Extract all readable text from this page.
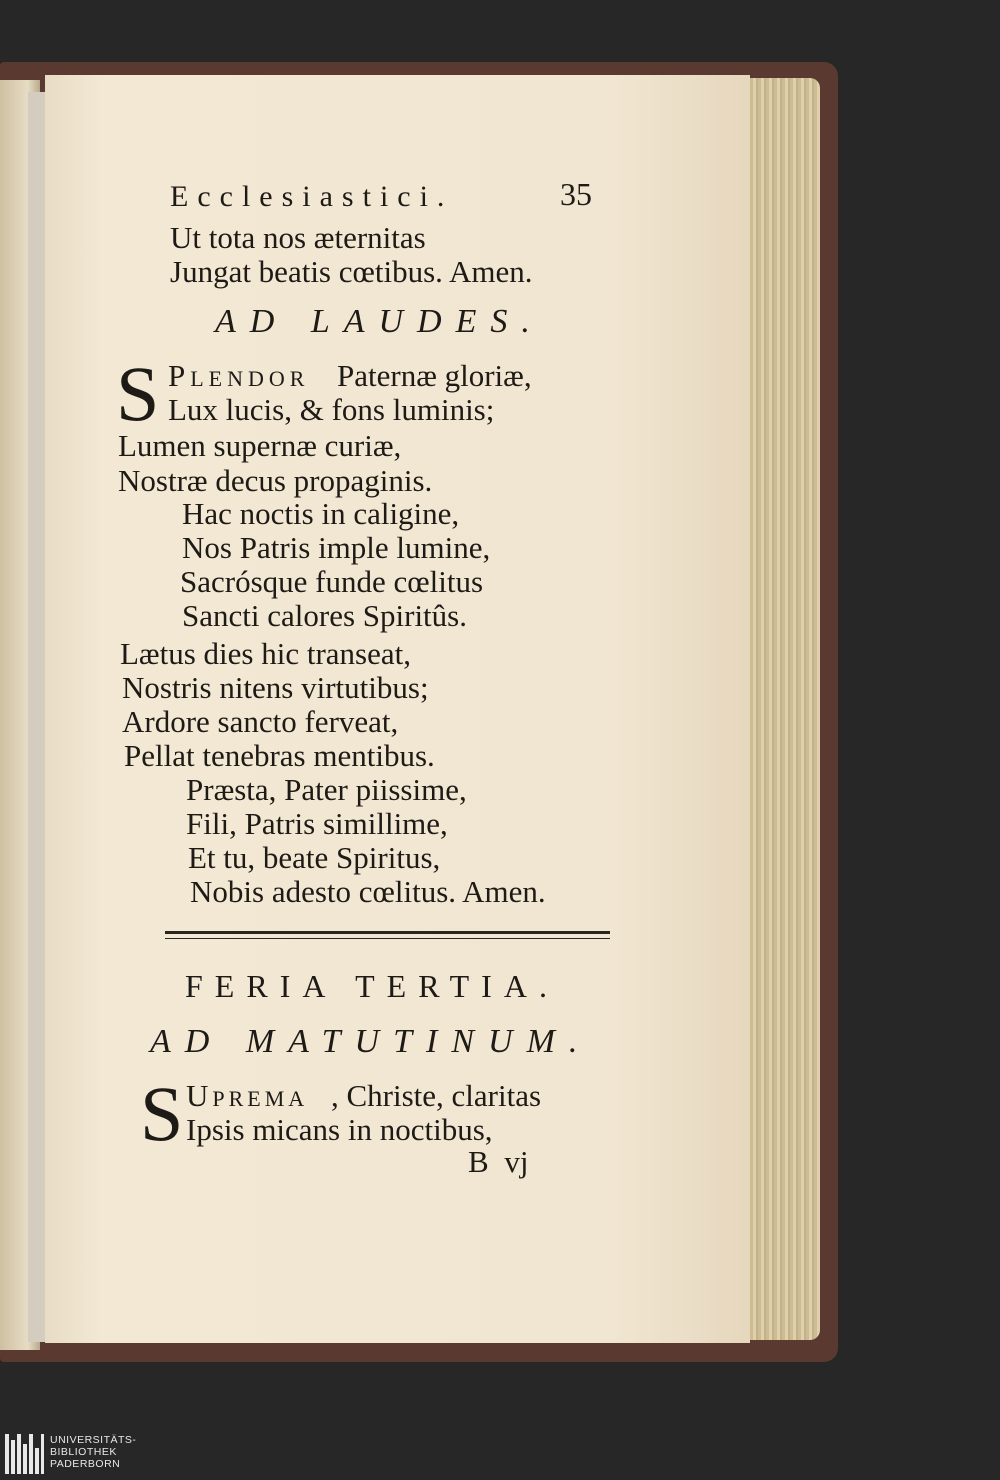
Ecclesiastici.	35
Ut tota nos æternitas
Jungat beatis cœtibus. Amen.
AD LAUDES.
S Plendor Paternæ gloriæ,
Lux lucis, & fons luminis;
Lumen supernæ curiæ,
Nostræ decus propaginis.
Hac noctis in caligine,
Nos Patris imple lumine,
Sacrósque funde cœlitus
Sancti calores Spiritûs.
Lætus dies hic transeat,
Nostris nitens virtutibus;
Ardore sancto ferveat,
Pellat tenebras mentibus.
Præsta, Pater piissime,
Fili, Patris simillime,
Et tu, beate Spiritus,
Nobis adesto cœlitus. Amen.
FERIA TERTIA.
AD MATUTINUM.
S Uprema , Christe, claritas
Ipsis micans in noctibus,
B vj
UNIVERSITÄTS-
BIBLIOTHEK
PADERBORN
